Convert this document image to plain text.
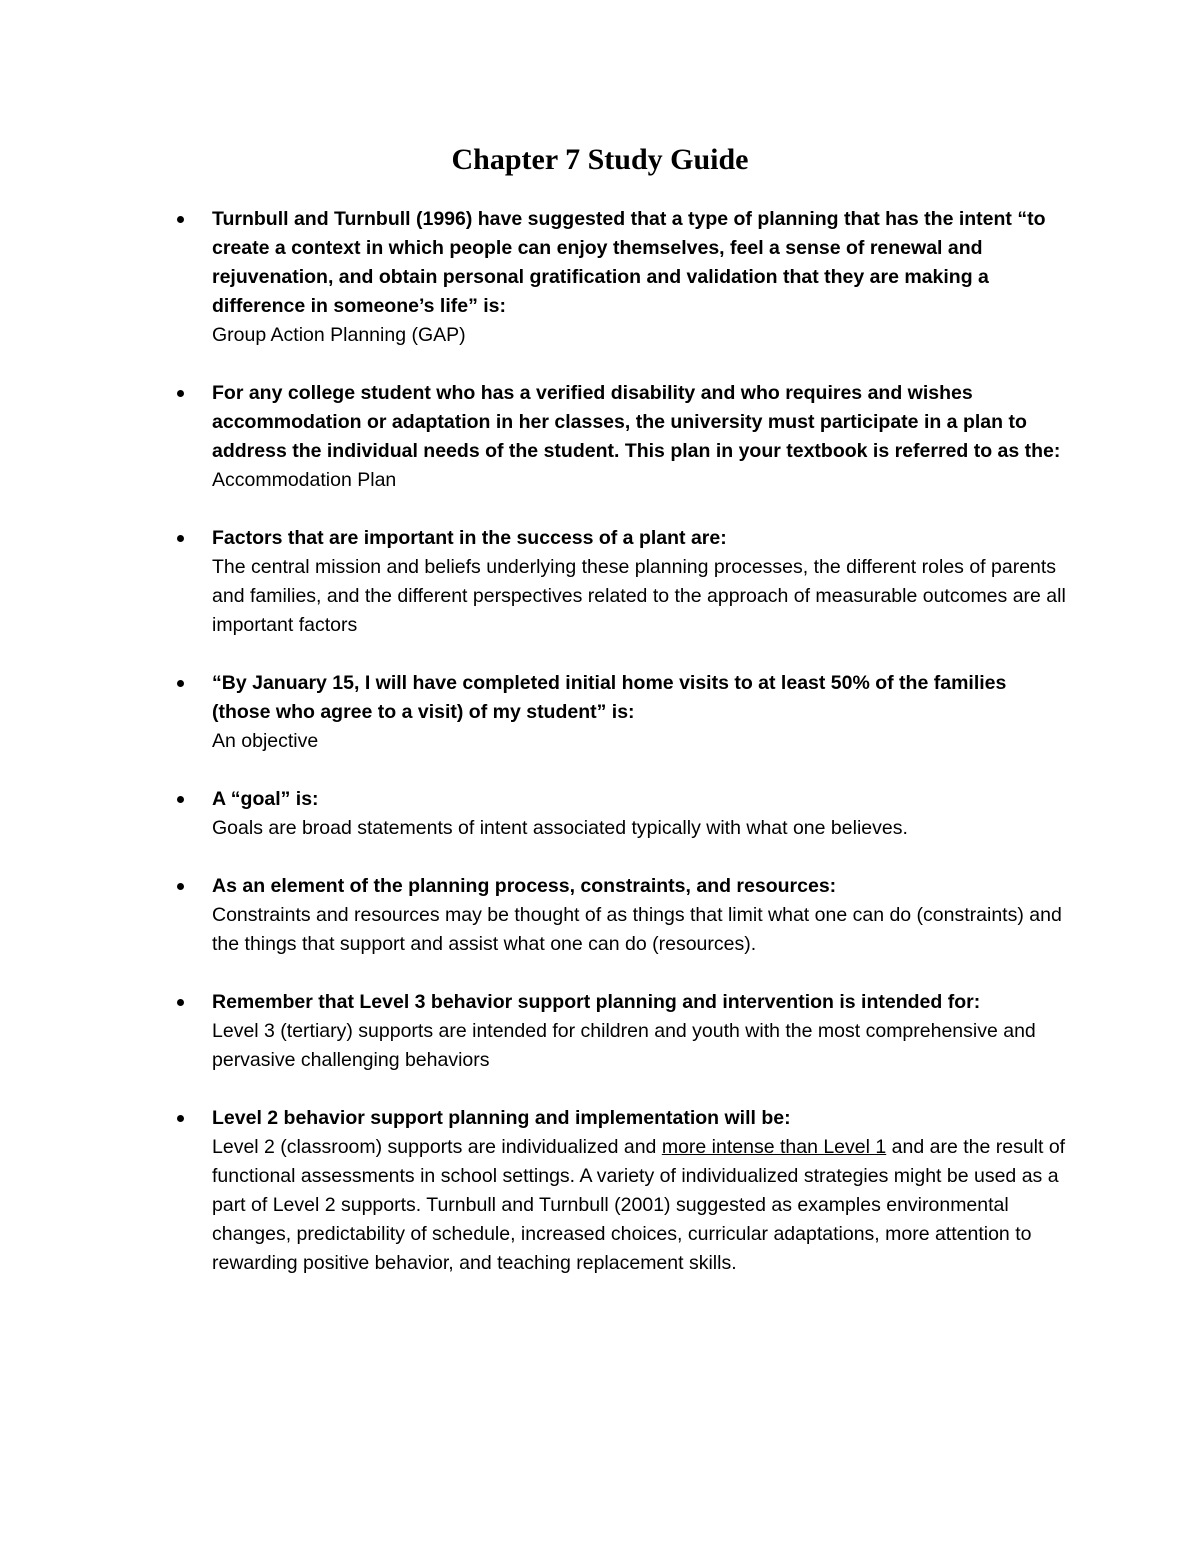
Chapter 7 Study Guide
Turnbull and Turnbull (1996) have suggested that a type of planning that has the intent “to create a context in which people can enjoy themselves, feel a sense of renewal and rejuvenation, and obtain personal gratification and validation that they are making a difference in someone’s life” is:
Group Action Planning (GAP)
For any college student who has a verified disability and who requires and wishes accommodation or adaptation in her classes, the university must participate in a plan to address the individual needs of the student. This plan in your textbook is referred to as the:
Accommodation Plan
Factors that are important in the success of a plant are:
The central mission and beliefs underlying these planning processes, the different roles of parents and families, and the different perspectives related to the approach of measurable outcomes are all important factors
“By January 15, I will have completed initial home visits to at least 50% of the families (those who agree to a visit) of my student” is:
An objective
A “goal” is:
Goals are broad statements of intent associated typically with what one believes.
As an element of the planning process, constraints, and resources:
Constraints and resources may be thought of as things that limit what one can do (constraints) and the things that support and assist what one can do (resources).
Remember that Level 3 behavior support planning and intervention is intended for:
Level 3 (tertiary) supports are intended for children and youth with the most comprehensive and pervasive challenging behaviors
Level 2 behavior support planning and implementation will be:
Level 2 (classroom) supports are individualized and more intense than Level 1 and are the result of functional assessments in school settings. A variety of individualized strategies might be used as a part of Level 2 supports. Turnbull and Turnbull (2001) suggested as examples environmental changes, predictability of schedule, increased choices, curricular adaptations, more attention to rewarding positive behavior, and teaching replacement skills.
